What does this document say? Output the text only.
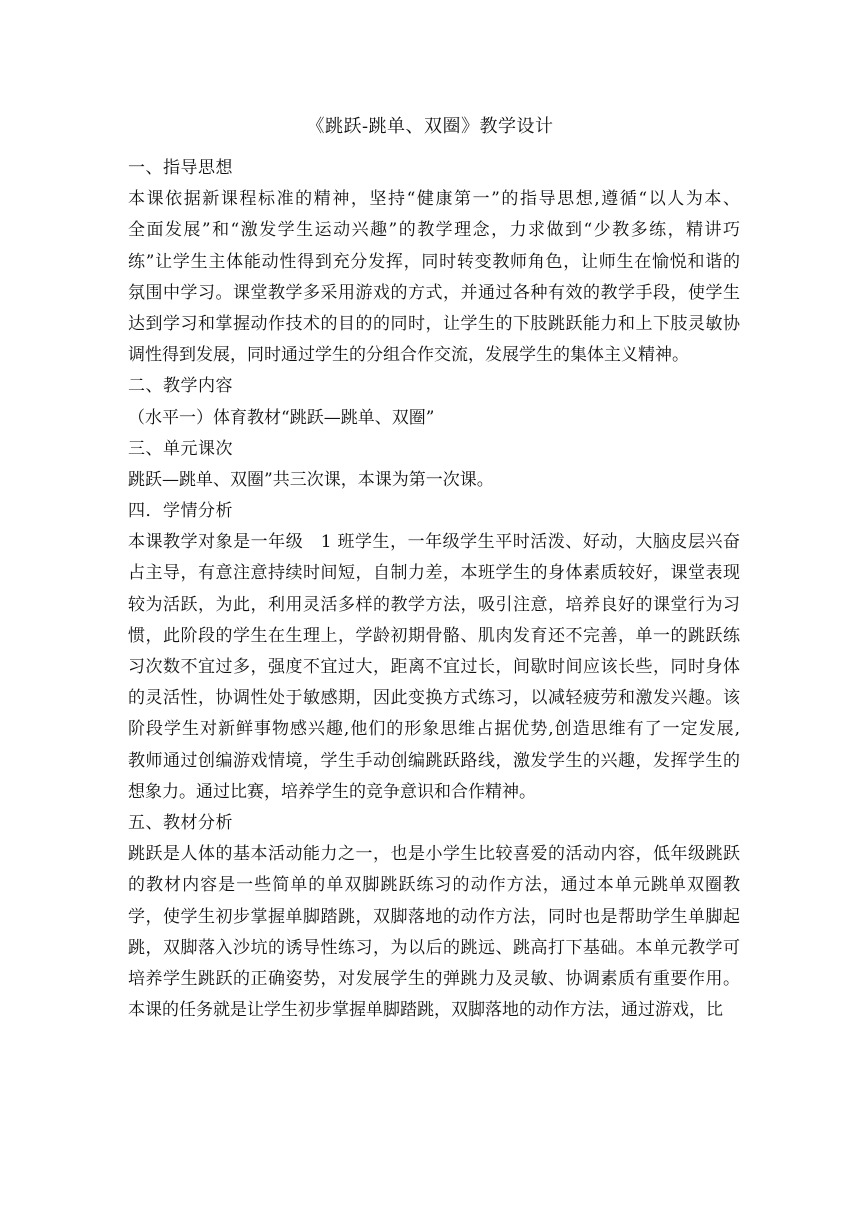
《跳跃-跳单、双圈》教学设计
一、指导思想
本课依据新课程标准的精神，坚持“健康第一”的指导思想,遵循“以人为本、
全面发展”和“激发学生运动兴趣”的教学理念，力求做到“少教多练，精讲巧
练”让学生主体能动性得到充分发挥，同时转变教师角色，让师生在愉悦和谐的
氛围中学习。课堂教学多采用游戏的方式，并通过各种有效的教学手段，使学生
达到学习和掌握动作技术的目的的同时，让学生的下肢跳跃能力和上下肢灵敏协
调性得到发展，同时通过学生的分组合作交流，发展学生的集体主义精神。
二、教学内容
（水平一）体育教材“跳跃—跳单、双圈”
三、单元课次
跳跃—跳单、双圈”共三次课，本课为第一次课。
四．学情分析
本课教学对象是一年级　1 班学生，一年级学生平时活泼、好动，大脑皮层兴奋
占主导，有意注意持续时间短，自制力差，本班学生的身体素质较好，课堂表现
较为活跃，为此，利用灵活多样的教学方法，吸引注意，培养良好的课堂行为习
惯，此阶段的学生在生理上，学龄初期骨骼、肌肉发育还不完善，单一的跳跃练
习次数不宜过多，强度不宜过大，距离不宜过长，间歇时间应该长些，同时身体
的灵活性，协调性处于敏感期，因此变换方式练习，以减轻疲劳和激发兴趣。该
阶段学生对新鲜事物感兴趣,他们的形象思维占据优势,创造思维有了一定发展,
教师通过创编游戏情境，学生手动创编跳跃路线，激发学生的兴趣，发挥学生的
想象力。通过比赛，培养学生的竞争意识和合作精神。
五、教材分析
跳跃是人体的基本活动能力之一，也是小学生比较喜爱的活动内容，低年级跳跃
的教材内容是一些简单的单双脚跳跃练习的动作方法，通过本单元跳单双圈教
学，使学生初步掌握单脚踏跳，双脚落地的动作方法，同时也是帮助学生单脚起
跳，双脚落入沙坑的诱导性练习，为以后的跳远、跳高打下基础。本单元教学可
培养学生跳跃的正确姿势，对发展学生的弹跳力及灵敏、协调素质有重要作用。
本课的任务就是让学生初步掌握单脚踏跳，双脚落地的动作方法，通过游戏，比
